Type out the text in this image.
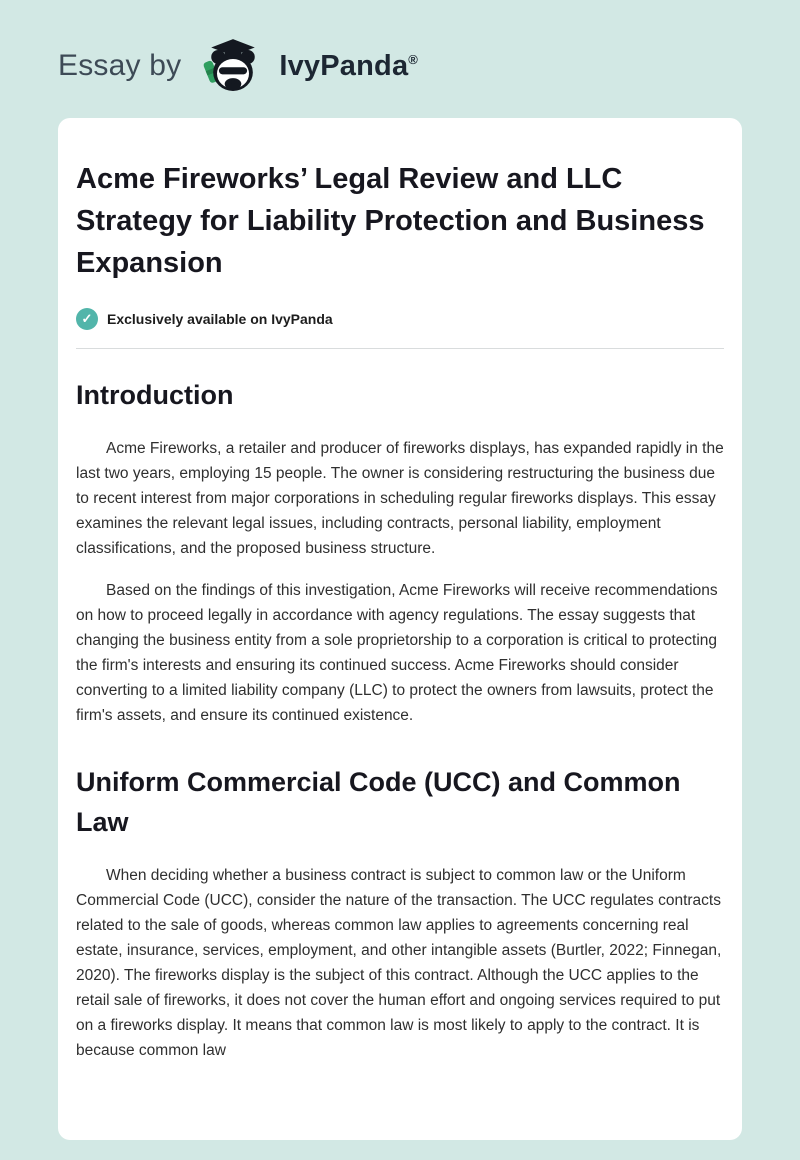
Essay by	IvyPanda ®
Acme Fireworks’ Legal Review and LLC Strategy for Liability Protection and Business Expansion
✓	Exclusively available on IvyPanda
Introduction

Acme Fireworks, a retailer and producer of fireworks displays, has expanded rapidly in the last two years, employing 15 people. The owner is considering restructuring the business due to recent interest from major corporations in scheduling regular fireworks displays. This essay examines the relevant legal issues, including contracts, personal liability, employment classifications, and the proposed business structure.

Based on the findings of this investigation, Acme Fireworks will receive recommendations on how to proceed legally in accordance with agency regulations. The essay suggests that changing the business entity from a sole proprietorship to a corporation is critical to protecting the firm's interests and ensuring its continued success. Acme Fireworks should consider converting to a limited liability company (LLC) to protect the owners from lawsuits, protect the firm's assets, and ensure its continued existence.

Uniform Commercial Code (UCC) and Common Law

When deciding whether a business contract is subject to common law or the Uniform Commercial Code (UCC), consider the nature of the transaction. The UCC regulates contracts related to the sale of goods, whereas common law applies to agreements concerning real estate, insurance, services, employment, and other intangible assets (Burtler, 2022; Finnegan, 2020). The fireworks display is the subject of this contract. Although the UCC applies to the retail sale of fireworks, it does not cover the human effort and ongoing services required to put on a fireworks display. It means that common law is most likely to apply to the contract. It is because common law
